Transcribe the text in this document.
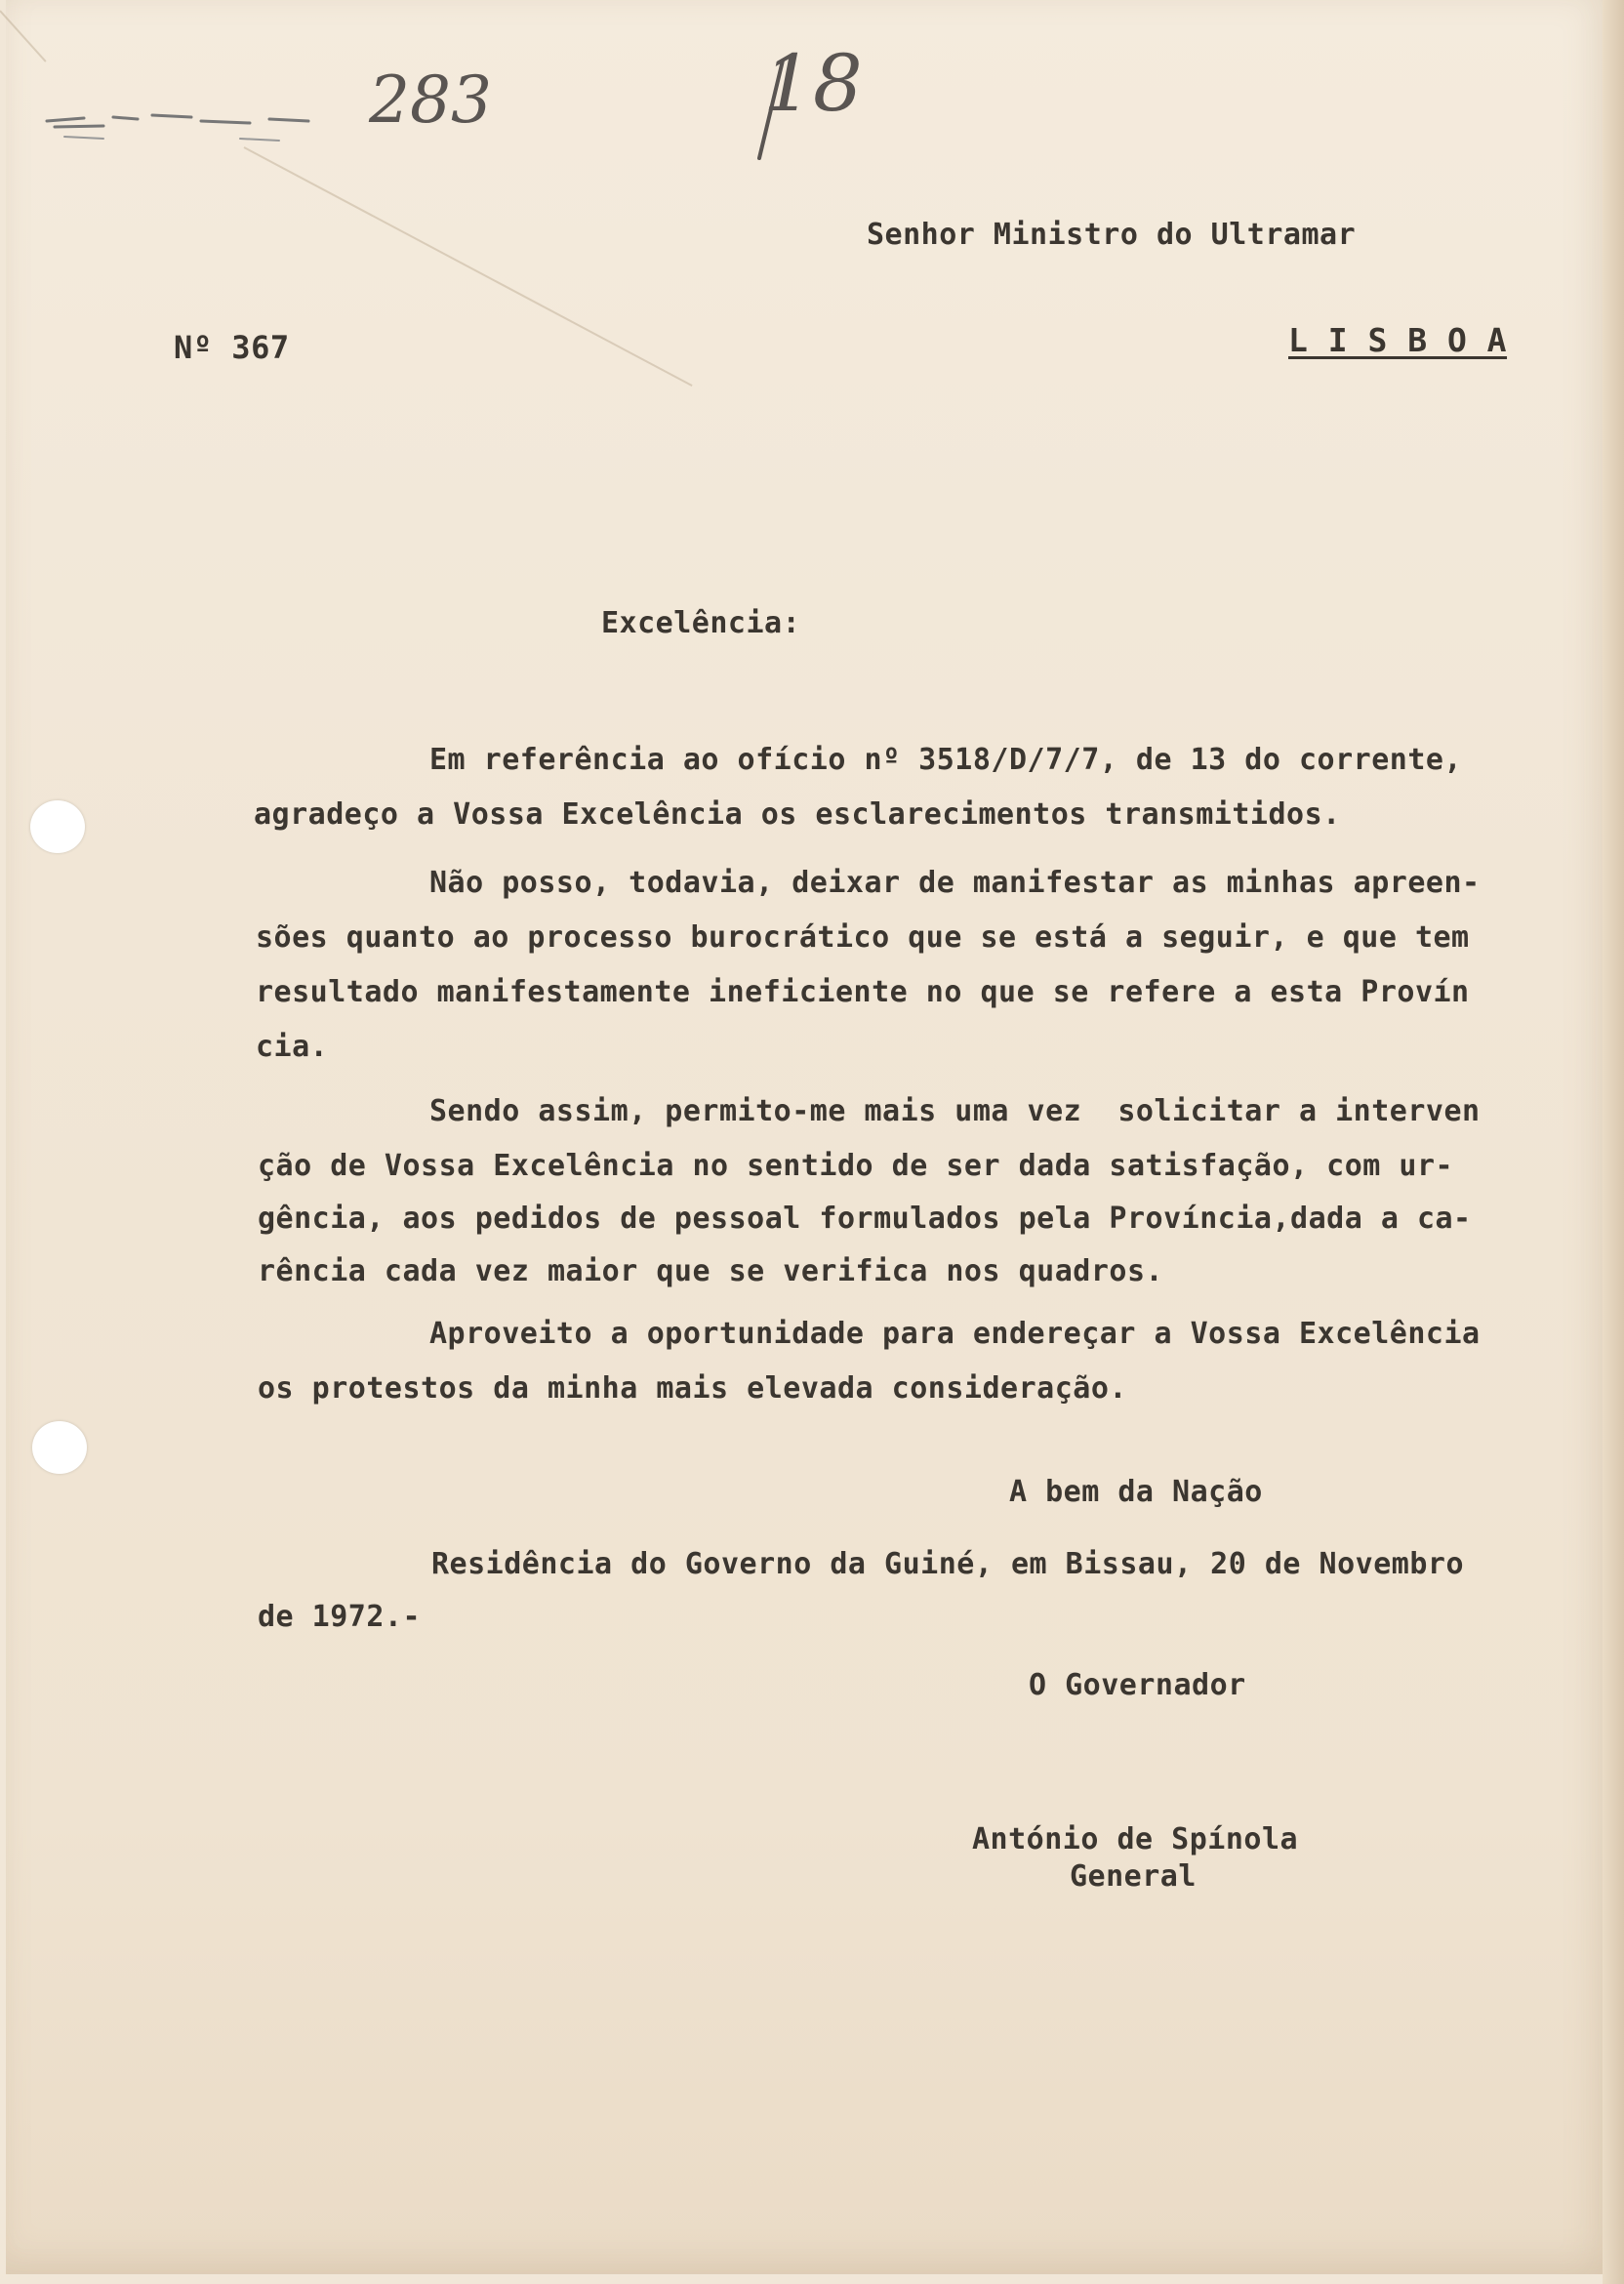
283	18

Senhor Ministro do Ultramar

Nº 367	L I S B O A

Excelência:

Em referência ao ofício nº 3518/D/7/7, de 13 do corrente,

agradeço a Vossa Excelência os esclarecimentos transmitidos.

Não posso, todavia, deixar de manifestar as minhas apreen-

sões quanto ao processo burocrático que se está a seguir, e que tem

resultado manifestamente ineficiente no que se refere a esta Provín

cia.

Sendo assim, permito-me mais uma vez  solicitar a interven

ção de Vossa Excelência no sentido de ser dada satisfação, com ur-

gência, aos pedidos de pessoal formulados pela Província,dada a ca-

rência cada vez maior que se verifica nos quadros.

Aproveito a oportunidade para endereçar a Vossa Excelência

os protestos da minha mais elevada consideração.

A bem da Nação

Residência do Governo da Guiné, em Bissau, 20 de Novembro

de 1972.-

O Governador

António de Spínola

General
